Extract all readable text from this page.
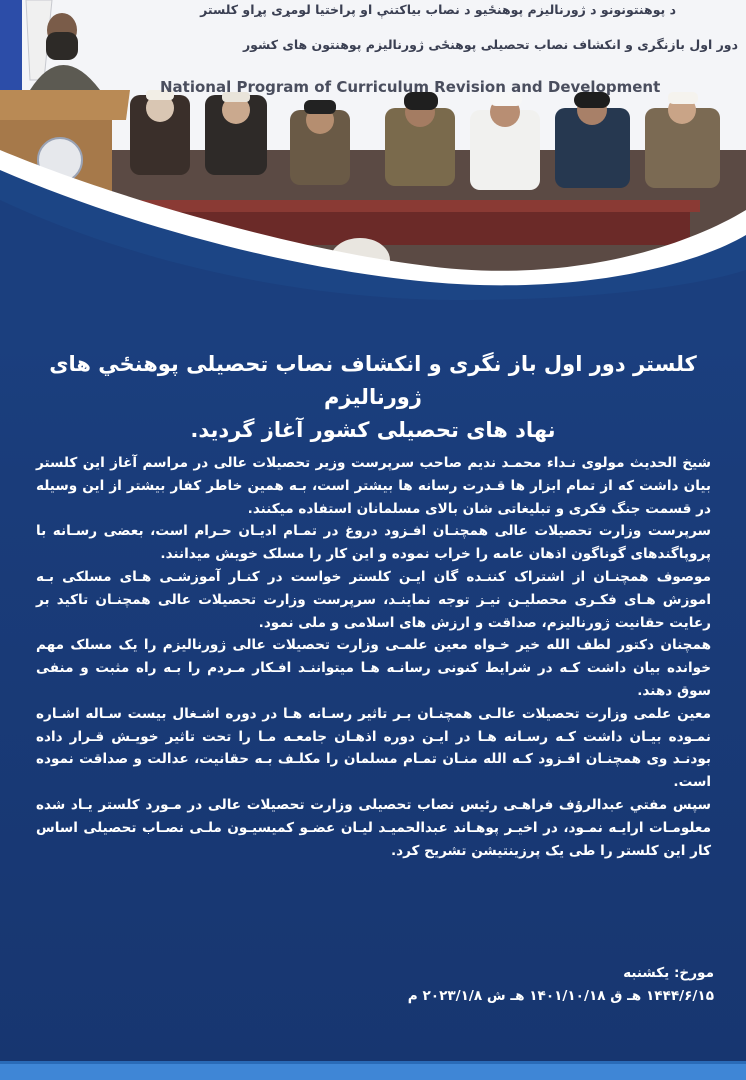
د پوهنتونونو د ژورنالیزم پوهنځیو د نصاب بیاکتنې او پراختیا لومړی پړاو کلستر
دور اول بازنگری و انکشاف نصاب تحصیلی پوهنځی ژورنالیزم پوهنتون های کشور
National Program of Curriculum Revision and Development
کلستر دور اول باز نگری و انکشاف نصاب تحصیلی پوهنځي های ژورنالیزم
نهاد های تحصیلی کشور آغاز گردید.

شیخ الحدیث مولوی نـداء محمـد ندیم صاحب سرپرست وزیر تحصیلات عالی در مراسم آغاز این کلستر بیان داشت که از تمام ابزار ها قـدرت رسانه ها بیشتر است، بـه همین خاطر کفار بیشتر از این وسیله در قسمت جنگ فکری و تبلیغاتی شان بالای مسلمانان استفاده میکنند.

سرپرست وزارت تحصیلات عالی همچنـان افـزود دروغ در تمـام ادیـان حـرام است، بعضی رسـانه با پروپاگندهای گوناگون اذهان عامه را خراب نموده و این کار را مسلک خویش میدانند.

موصوف همچنـان از اشتراک کننـده گان ایـن کلستر خواست در کنـار آموزشـی هـای مسلکی بـه اموزش هـای فکـری محصلیـن نیـز توجه نماینـد، سرپرست وزارت تحصیلات عالی همچنـان تاکید بر رعایت حقانیت ژورنالیزم، صداقت و ارزش های اسلامی و ملی نمود.

همچنان دکتور لطف الله خیر خـواه معین علمـی وزارت تحصیلات عالی ژورنالیزم را یک مسلک مهم خوانده بیان داشت کـه در شرایط کنونی رسانـه هـا میتواننـد افـکار مـردم را بـه راه مثبت و منفی سوق دهند.

معین علمی وزارت تحصیلات عالـی همچنـان بـر تاثیر رسـانه هـا در دوره اشـغال بیست سـاله اشـاره نمـوده بیـان داشت کـه رسـانه هـا در ایـن دوره اذهـان جامعـه مـا را تحت تاثیر خویـش قـرار داده بودنـد وی همچنـان افـزود کـه الله منـان تمـام مسلمان را مکلـف بـه حقانیت، عدالت و صداقت نموده است.

سپس مفتي عبدالرؤف فراهـی رئیس نصاب تحصیلی وزارت تحصیلات عالی در مـورد کلستر یـاد شده معلومـات ارایـه نمـود، در اخیـر پوهـاند عبدالحمیـد لیـان عضـو کمیسیـون ملـی نصـاب تحصیلی اساس کار این کلستر را طی یک پرزینتیشن تشریح کرد.

مورخ: یکشنبه
۱۴۴۴/۶/۱۵ هـ ق ۱۴۰۱/۱۰/۱۸ هـ ش ۲۰۲۳/۱/۸ م
